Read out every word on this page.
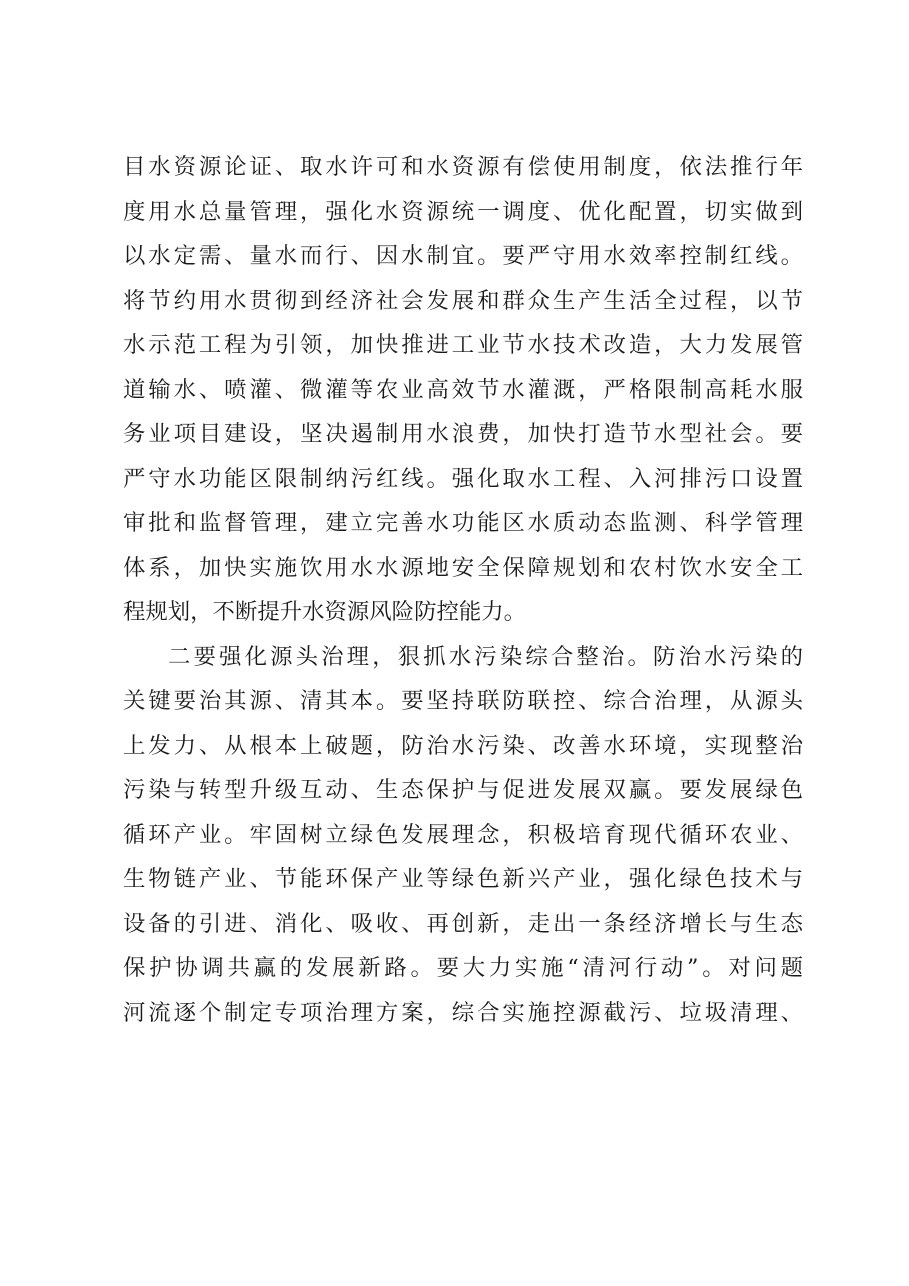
目水资源论证、取水许可和水资源有偿使用制度，依法推行年
度用水总量管理，强化水资源统一调度、优化配置，切实做到
以水定需、量水而行、因水制宜。要严守用水效率控制红线。
将节约用水贯彻到经济社会发展和群众生产生活全过程，以节
水示范工程为引领，加快推进工业节水技术改造，大力发展管
道输水、喷灌、微灌等农业高效节水灌溉，严格限制高耗水服
务业项目建设，坚决遏制用水浪费，加快打造节水型社会。要
严守水功能区限制纳污红线。强化取水工程、入河排污口设置
审批和监督管理，建立完善水功能区水质动态监测、科学管理
体系，加快实施饮用水水源地安全保障规划和农村饮水安全工
程规划，不断提升水资源风险防控能力。
二要强化源头治理，狠抓水污染综合整治。防治水污染的
关键要治其源、清其本。要坚持联防联控、综合治理，从源头
上发力、从根本上破题，防治水污染、改善水环境，实现整治
污染与转型升级互动、生态保护与促进发展双赢。要发展绿色
循环产业。牢固树立绿色发展理念，积极培育现代循环农业、
生物链产业、节能环保产业等绿色新兴产业，强化绿色技术与
设备的引进、消化、吸收、再创新，走出一条经济增长与生态
保护协调共赢的发展新路。要大力实施“清河行动”。对问题
河流逐个制定专项治理方案，综合实施控源截污、垃圾清理、
